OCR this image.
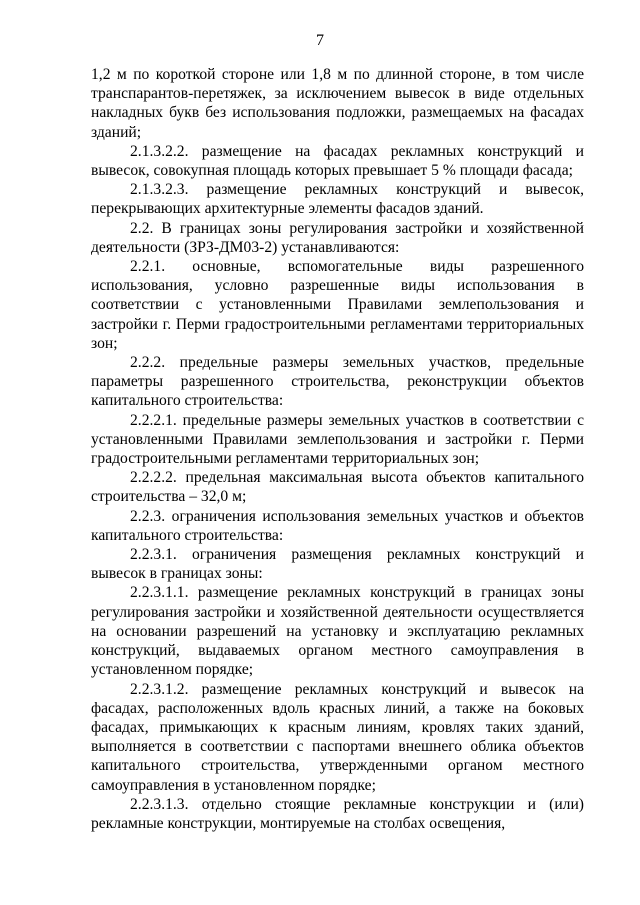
7

1,2 м по короткой стороне или 1,8 м по длинной стороне, в том числе транспарантов-перетяжек, за исключением вывесок в виде отдельных накладных букв без использования подложки, размещаемых на фасадах зданий;

2.1.3.2.2. размещение на фасадах рекламных конструкций и вывесок, совокупная площадь которых превышает 5 % площади фасада;

2.1.3.2.3. размещение рекламных конструкций и вывесок, перекрывающих архитектурные элементы фасадов зданий.

2.2. В границах зоны регулирования застройки и хозяйственной деятельности (ЗРЗ-ДМ03-2) устанавливаются:

2.2.1. основные, вспомогательные виды разрешенного использования, условно разрешенные виды использования в соответствии с установленными Правилами землепользования и застройки г. Перми градостроительными регламентами территориальных зон;

2.2.2. предельные размеры земельных участков, предельные параметры разрешенного строительства, реконструкции объектов капитального строительства:

2.2.2.1. предельные размеры земельных участков в соответствии с установленными Правилами землепользования и застройки г. Перми градостроительными регламентами территориальных зон;

2.2.2.2. предельная максимальная высота объектов капитального строительства – 32,0 м;

2.2.3. ограничения использования земельных участков и объектов капитального строительства:

2.2.3.1. ограничения размещения рекламных конструкций и вывесок в границах зоны:

2.2.3.1.1. размещение рекламных конструкций в границах зоны регулирования застройки и хозяйственной деятельности осуществляется на основании разрешений на установку и эксплуатацию рекламных конструкций, выдаваемых органом местного самоуправления в установленном порядке;

2.2.3.1.2. размещение рекламных конструкций и вывесок на фасадах, расположенных вдоль красных линий, а также на боковых фасадах, примыкающих к красным линиям, кровлях таких зданий, выполняется в соответствии с паспортами внешнего облика объектов капитального строительства, утвержденными органом местного самоуправления в установленном порядке;

2.2.3.1.3. отдельно стоящие рекламные конструкции и (или) рекламные конструкции, монтируемые на столбах освещения,
